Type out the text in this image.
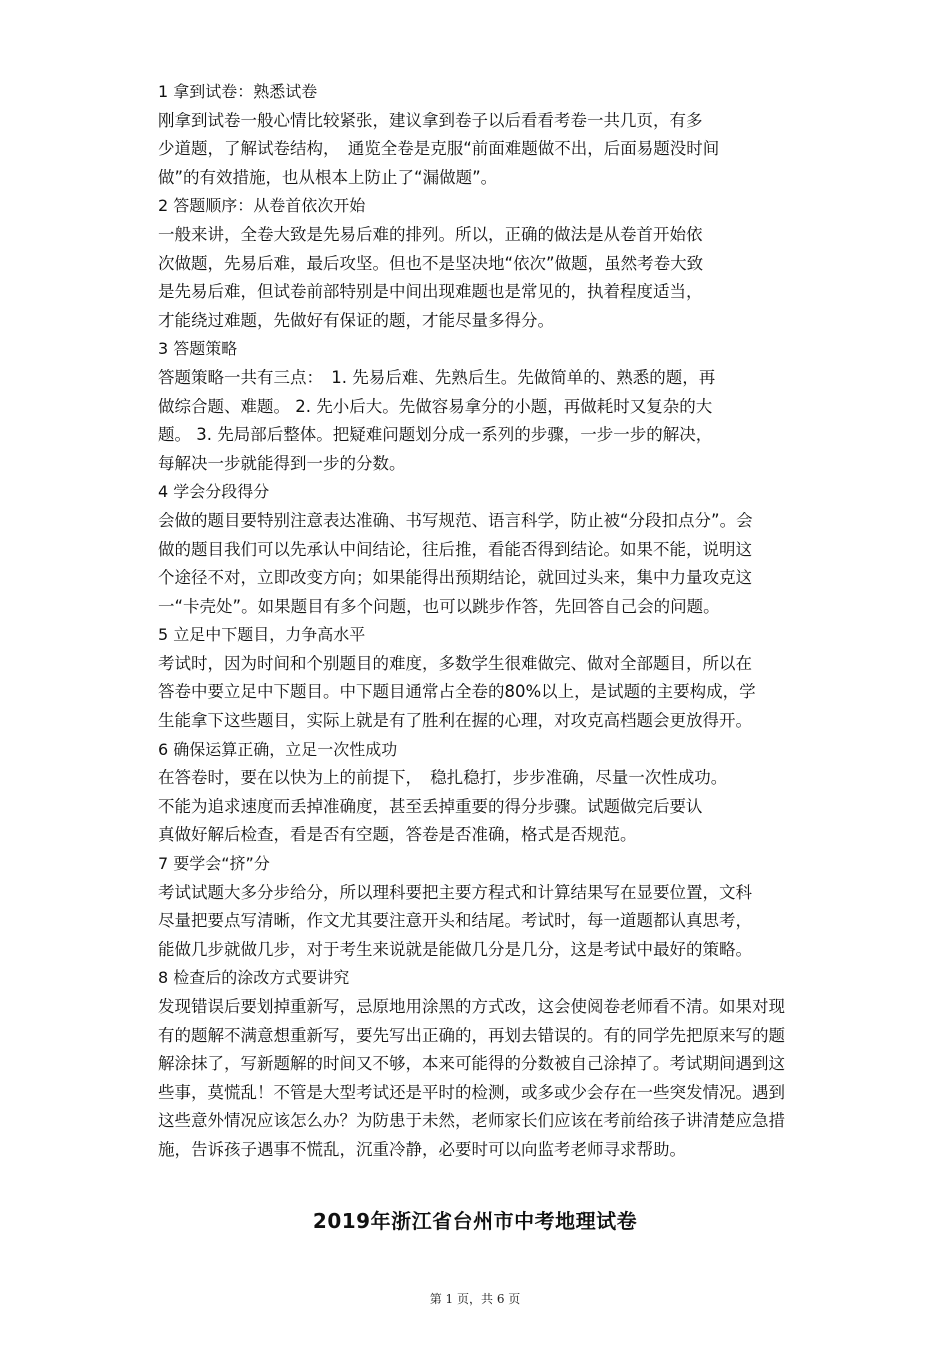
1 拿到试卷：熟悉试卷
刚拿到试卷一般心情比较紧张，建议拿到卷子以后看看考卷一共几页，有多
少道题，了解试卷结构，　通览全卷是克服“前面难题做不出，后面易题没时间
做”的有效措施，也从根本上防止了“漏做题”。
2 答题顺序：从卷首依次开始
一般来讲，全卷大致是先易后难的排列。所以，正确的做法是从卷首开始依
次做题，先易后难，最后攻坚。但也不是坚决地“依次”做题，虽然考卷大致
是先易后难，但试卷前部特别是中间出现难题也是常见的，执着程度适当，
才能绕过难题，先做好有保证的题，才能尽量多得分。
3 答题策略
答题策略一共有三点：　1. 先易后难、先熟后生。先做简单的、熟悉的题，再
做综合题、难题。 2. 先小后大。先做容易拿分的小题，再做耗时又复杂的大
题。 3. 先局部后整体。把疑难问题划分成一系列的步骤，一步一步的解决，
每解决一步就能得到一步的分数。
4 学会分段得分
会做的题目要特别注意表达准确、书写规范、语言科学，防止被“分段扣点分”。会
做的题目我们可以先承认中间结论，往后推，看能否得到结论。如果不能，说明这
个途径不对，立即改变方向；如果能得出预期结论，就回过头来，集中力量攻克这
一“卡壳处”。如果题目有多个问题，也可以跳步作答，先回答自己会的问题。
5 立足中下题目，力争高水平
考试时，因为时间和个别题目的难度，多数学生很难做完、做对全部题目，所以在
答卷中要立足中下题目。中下题目通常占全卷的80%以上，是试题的主要构成，学
生能拿下这些题目，实际上就是有了胜利在握的心理，对攻克高档题会更放得开。
6 确保运算正确，立足一次性成功
在答卷时，要在以快为上的前提下，　稳扎稳打，步步准确，尽量一次性成功。
不能为追求速度而丢掉准确度，甚至丢掉重要的得分步骤。试题做完后要认
真做好解后检查，看是否有空题，答卷是否准确，格式是否规范。
7 要学会“挤”分
考试试题大多分步给分，所以理科要把主要方程式和计算结果写在显要位置，文科
尽量把要点写清晰，作文尤其要注意开头和结尾。考试时，每一道题都认真思考，
能做几步就做几步，对于考生来说就是能做几分是几分，这是考试中最好的策略。
8 检查后的涂改方式要讲究
发现错误后要划掉重新写，忌原地用涂黑的方式改，这会使阅卷老师看不清。如果对现
有的题解不满意想重新写，要先写出正确的，再划去错误的。有的同学先把原来写的题
解涂抹了，写新题解的时间又不够，本来可能得的分数被自己涂掉了。考试期间遇到这
些事，莫慌乱！不管是大型考试还是平时的检测，或多或少会存在一些突发情况。遇到
这些意外情况应该怎么办？为防患于未然，老师家长们应该在考前给孩子讲清楚应急措
施，告诉孩子遇事不慌乱，沉重冷静，必要时可以向监考老师寻求帮助。
2019年浙江省台州市中考地理试卷
第 1 页，共 6 页
